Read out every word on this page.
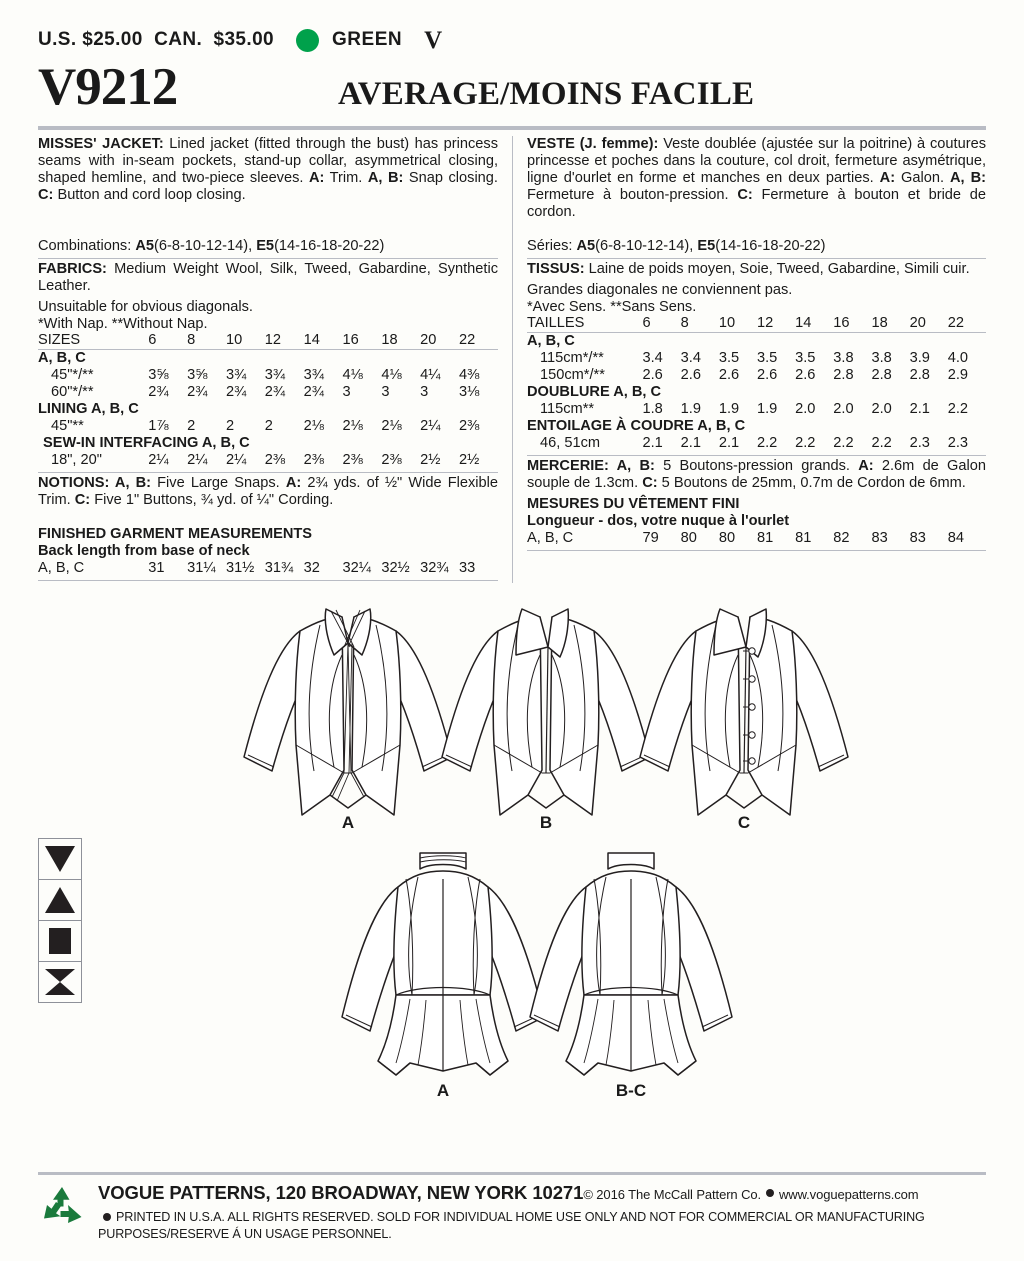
U.S. $25.00  CAN.  $35.00	GREEN V
V9212	AVERAGE/MOINS FACILE

MISSES' JACKET: Lined jacket (fitted through the bust) has princess seams with in-seam pockets, stand-up collar, asymmetrical closing, shaped hemline, and two-piece sleeves. A: Trim. A, B: Snap closing. C: Button and cord loop closing.

Combinations: A5(6-8-10-12-14), E5(14-16-18-20-22)

FABRICS: Medium Weight Wool, Silk, Tweed, Gabardine, Synthetic Leather.

Unsuitable for obvious diagonals.

*With Nap. **Without Nap.

SIZES	6	8	10	12	14	16	18	20	22
A, B, C									
45"*/**	3⅝	3⅝	3¾	3¾	3¾	4⅛	4⅛	4¼	4⅜
60"*/**	2¾	2¾	2¾	2¾	2¾	3	3	3	3⅛
LINING A, B, C									
45"**	1⅞	2	2	2	2⅛	2⅛	2⅛	2¼	2⅜
SEW-IN INTERFACING A, B, C									
18", 20"	2¼	2¼	2¼	2⅜	2⅜	2⅜	2⅜	2½	2½

NOTIONS: A, B: Five Large Snaps. A: 2¾ yds. of ½" Wide Flexible Trim. C: Five 1" Buttons, ¾ yd. of ¼" Cording.

FINISHED GARMENT MEASUREMENTS
Back length from base of neck
A, B, C	31	31¼	31½	31¾	32	32¼	32½	32¾	33

VESTE (J. femme): Veste doublée (ajustée sur la poitrine) à coutures princesse et poches dans la couture, col droit, fermeture asymétrique, ligne d'ourlet en forme et manches en deux parties. A: Galon. A, B: Fermeture à bouton-pression. C: Fermeture à bouton et bride de cordon.

Séries: A5(6-8-10-12-14), E5(14-16-18-20-22)

TISSUS: Laine de poids moyen, Soie, Tweed, Gabardine, Simili cuir.

Grandes diagonales ne conviennent pas.

*Avec Sens. **Sans Sens.

TAILLES	6	8	10	12	14	16	18	20	22
A, B, C									
115cm*/**	3.4	3.4	3.5	3.5	3.5	3.8	3.8	3.9	4.0
150cm*/**	2.6	2.6	2.6	2.6	2.6	2.8	2.8	2.8	2.9
DOUBLURE A, B, C									
115cm**	1.8	1.9	1.9	1.9	2.0	2.0	2.0	2.1	2.2
ENTOILAGE À COUDRE A, B, C									
46, 51cm	2.1	2.1	2.1	2.2	2.2	2.2	2.2	2.3	2.3

MERCERIE: A, B: 5 Boutons-pression grands. A: 2.6m de Galon souple de 1.3cm. C: 5 Boutons de 25mm, 0.7m de Cordon de 6mm.

MESURES DU VÊTEMENT FINI
Longueur - dos, votre nuque à l'ourlet
A, B, C	79	80	80	81	81	82	83	83	84
A	B	C
A	B-C
VOGUE PATTERNS, 120 BROADWAY, NEW YORK 10271© 2016 The McCall Pattern Co. www.voguepatterns.com
PRINTED IN U.S.A. ALL RIGHTS RESERVED. SOLD FOR INDIVIDUAL HOME USE ONLY AND NOT FOR COMMERCIAL OR MANUFACTURING PURPOSES/RESERVE Á UN USAGE PERSONNEL.
